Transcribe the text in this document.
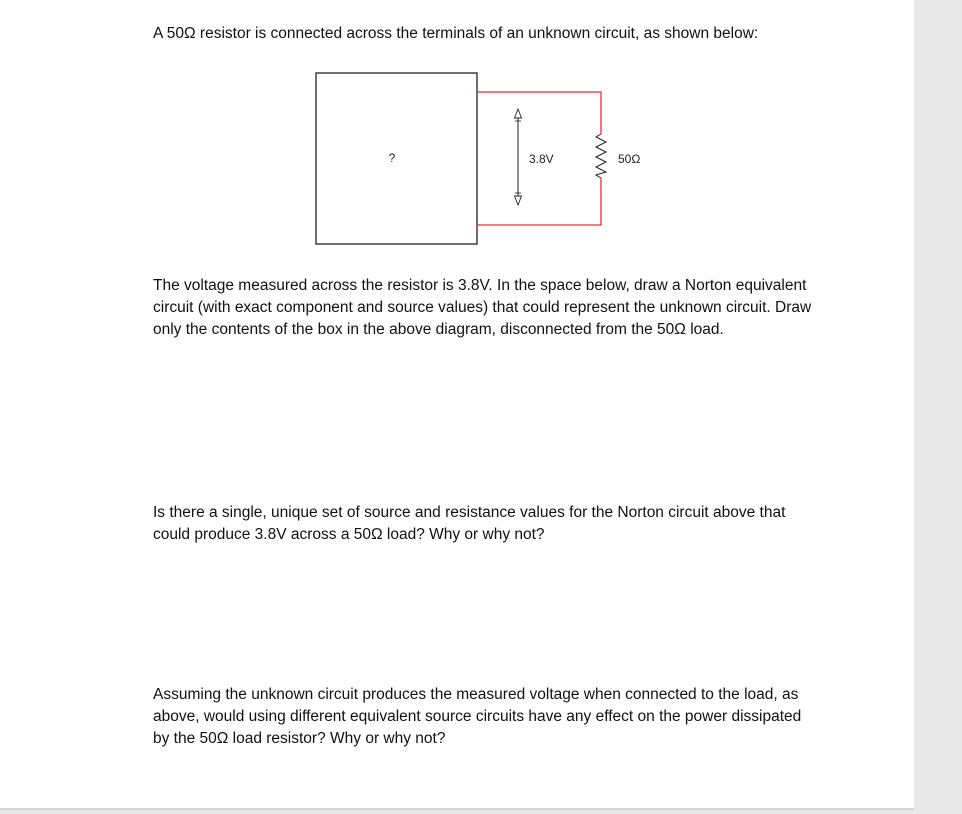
A 50Ω resistor is connected across the terminals of an unknown circuit, as shown below:

?	50Ω
3.8V

The voltage measured across the resistor is 3.8V. In the space below, draw a Norton equivalent circuit (with exact component and source values) that could represent the unknown circuit. Draw only the contents of the box in the above diagram, disconnected from the 50Ω load.

Is there a single, unique set of source and resistance values for the Norton circuit above that could produce 3.8V across a 50Ω load? Why or why not?

Assuming the unknown circuit produces the measured voltage when connected to the load, as above, would using different equivalent source circuits have any effect on the power dissipated by the 50Ω load resistor? Why or why not?
